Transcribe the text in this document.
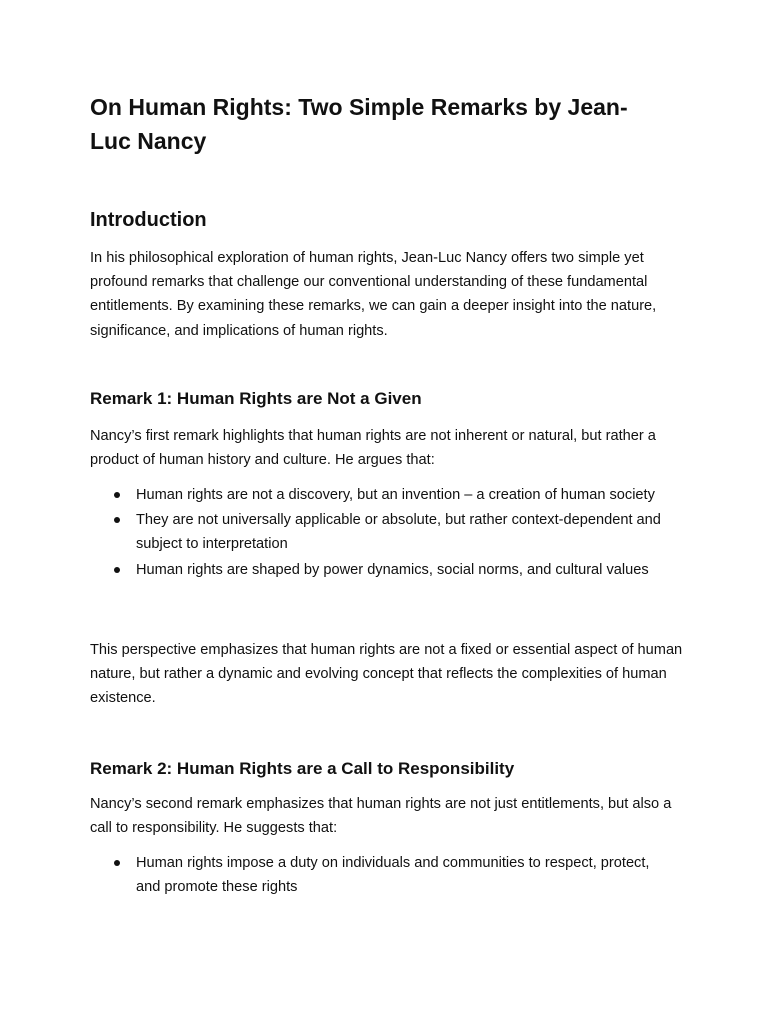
On Human Rights: Two Simple Remarks by Jean-Luc Nancy
Introduction

In his philosophical exploration of human rights, Jean-Luc Nancy offers two simple yet profound remarks that challenge our conventional understanding of these fundamental entitlements. By examining these remarks, we can gain a deeper insight into the nature, significance, and implications of human rights.

Remark 1: Human Rights are Not a Given

Nancy’s first remark highlights that human rights are not inherent or natural, but rather a product of human history and culture. He argues that:

Human rights are not a discovery, but an invention – a creation of human society
They are not universally applicable or absolute, but rather context-dependent and subject to interpretation
Human rights are shaped by power dynamics, social norms, and cultural values

This perspective emphasizes that human rights are not a fixed or essential aspect of human nature, but rather a dynamic and evolving concept that reflects the complexities of human existence.

Remark 2: Human Rights are a Call to Responsibility

Nancy’s second remark emphasizes that human rights are not just entitlements, but also a call to responsibility. He suggests that:

Human rights impose a duty on individuals and communities to respect, protect, and promote these rights
